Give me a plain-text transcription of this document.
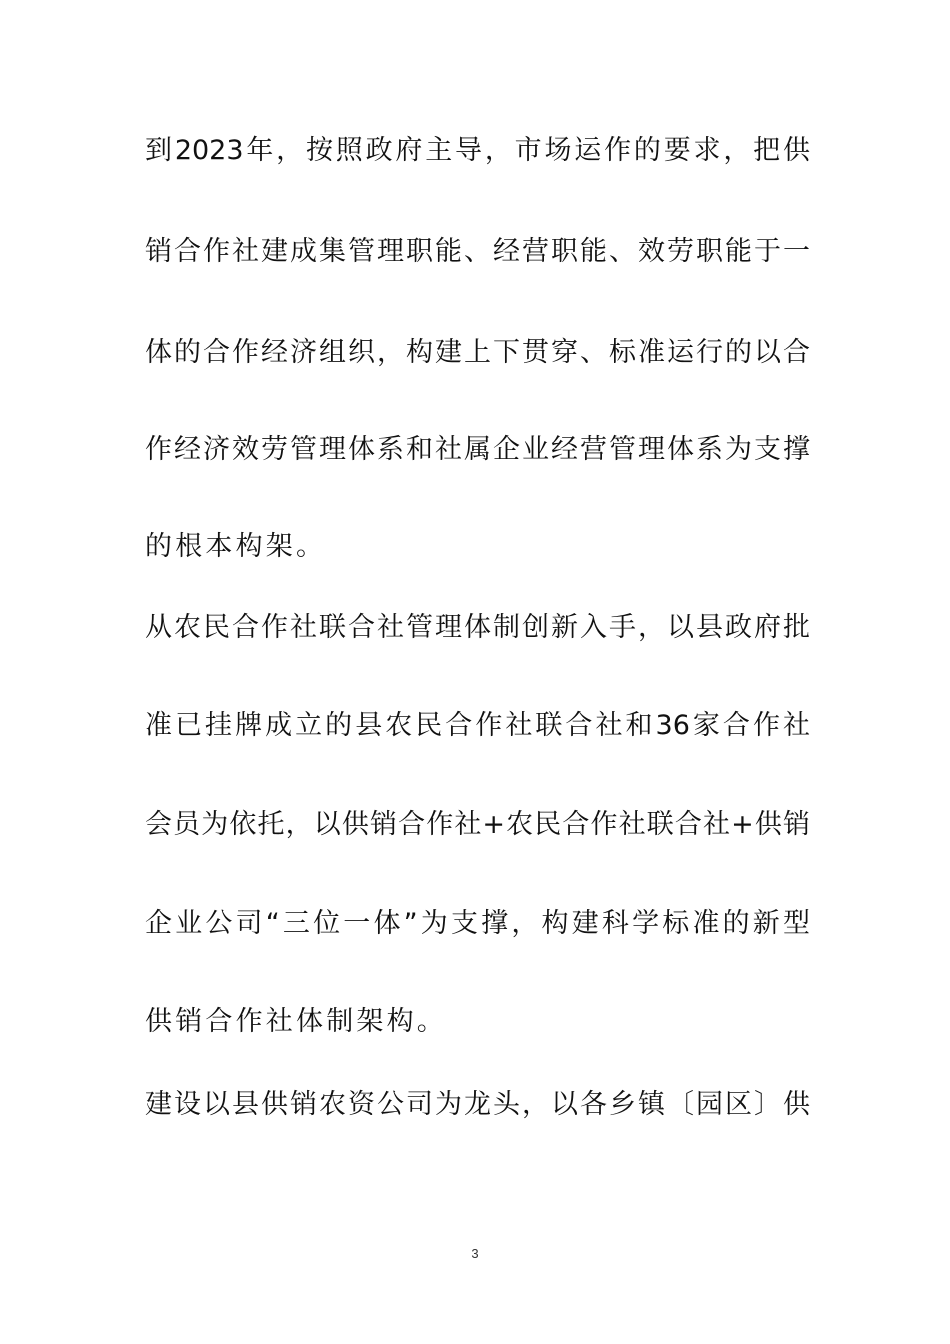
到2023年，按照政府主导，市场运作的要求，把供
销合作社建成集管理职能、经营职能、效劳职能于一
体的合作经济组织，构建上下贯穿、标准运行的以合
作经济效劳管理体系和社属企业经营管理体系为支撑
的根本构架。
从农民合作社联合社管理体制创新入手，以县政府批
准已挂牌成立的县农民合作社联合社和36家合作社
会员为依托，以供销合作社+农民合作社联合社+供销
企业公司“三位一体”为支撑，构建科学标准的新型
供销合作社体制架构。
建设以县供销农资公司为龙头，以各乡镇〔园区〕供
3
